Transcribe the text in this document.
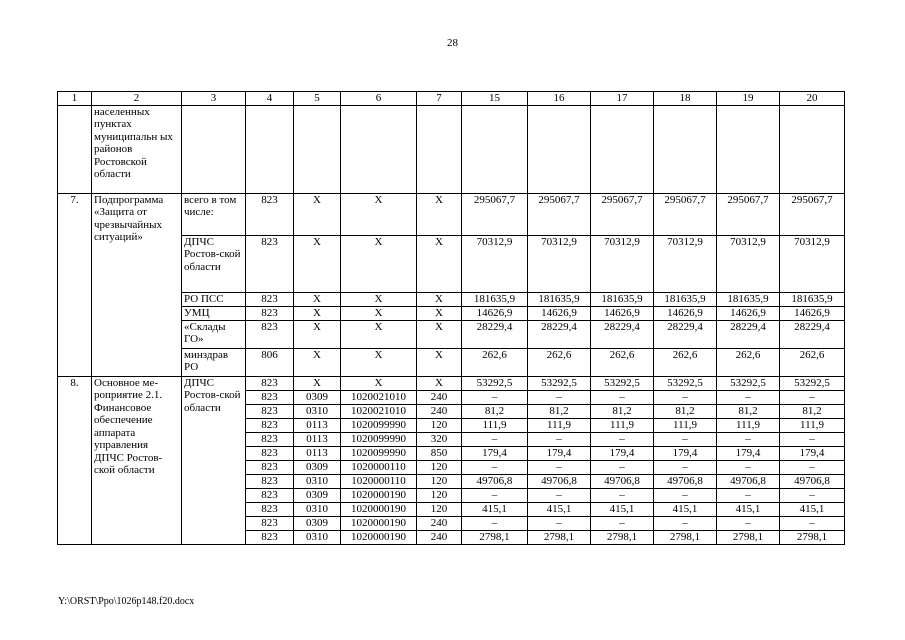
28
1	2	3	4	5	6	7	15	16	17	18	19	20
	населенных пунктах муниципальн ых районов Ростовской области											
7.	Подпрограмма «Защита от чрезвычайных ситуаций»	всего в том числе:	823	Х	Х	Х	295067,7	295067,7	295067,7	295067,7	295067,7	295067,7
		ДПЧС Ростов-ской области	823	Х	Х	Х	70312,9	70312,9	70312,9	70312,9	70312,9	70312,9
		РО ПСС	823	Х	Х	Х	181635,9	181635,9	181635,9	181635,9	181635,9	181635,9
		УМЦ	823	Х	Х	Х	14626,9	14626,9	14626,9	14626,9	14626,9	14626,9
		«Склады ГО»	823	Х	Х	Х	28229,4	28229,4	28229,4	28229,4	28229,4	28229,4
		минздрав РО	806	Х	Х	Х	262,6	262,6	262,6	262,6	262,6	262,6
8.	Основное ме-роприятие 2.1. Финансовое обеспечение аппарата управления ДПЧС Ростов-ской области	ДПЧС Ростов-ской области	823	Х	Х	Х	53292,5	53292,5	53292,5	53292,5	53292,5	53292,5
			823	0309	1020021010	240	–	–	–	–	–	–
			823	0310	1020021010	240	81,2	81,2	81,2	81,2	81,2	81,2
			823	0113	1020099990	120	111,9	111,9	111,9	111,9	111,9	111,9
			823	0113	1020099990	320	–	–	–	–	–	–
			823	0113	1020099990	850	179,4	179,4	179,4	179,4	179,4	179,4
			823	0309	1020000110	120	–	–	–	–	–	–
			823	0310	1020000110	120	49706,8	49706,8	49706,8	49706,8	49706,8	49706,8
			823	0309	1020000190	120	–	–	–	–	–	–
			823	0310	1020000190	120	415,1	415,1	415,1	415,1	415,1	415,1
			823	0309	1020000190	240	–	–	–	–	–	–
			823	0310	1020000190	240	2798,1	2798,1	2798,1	2798,1	2798,1	2798,1
Y:\ORST\Ppo\1026p148.f20.docx
